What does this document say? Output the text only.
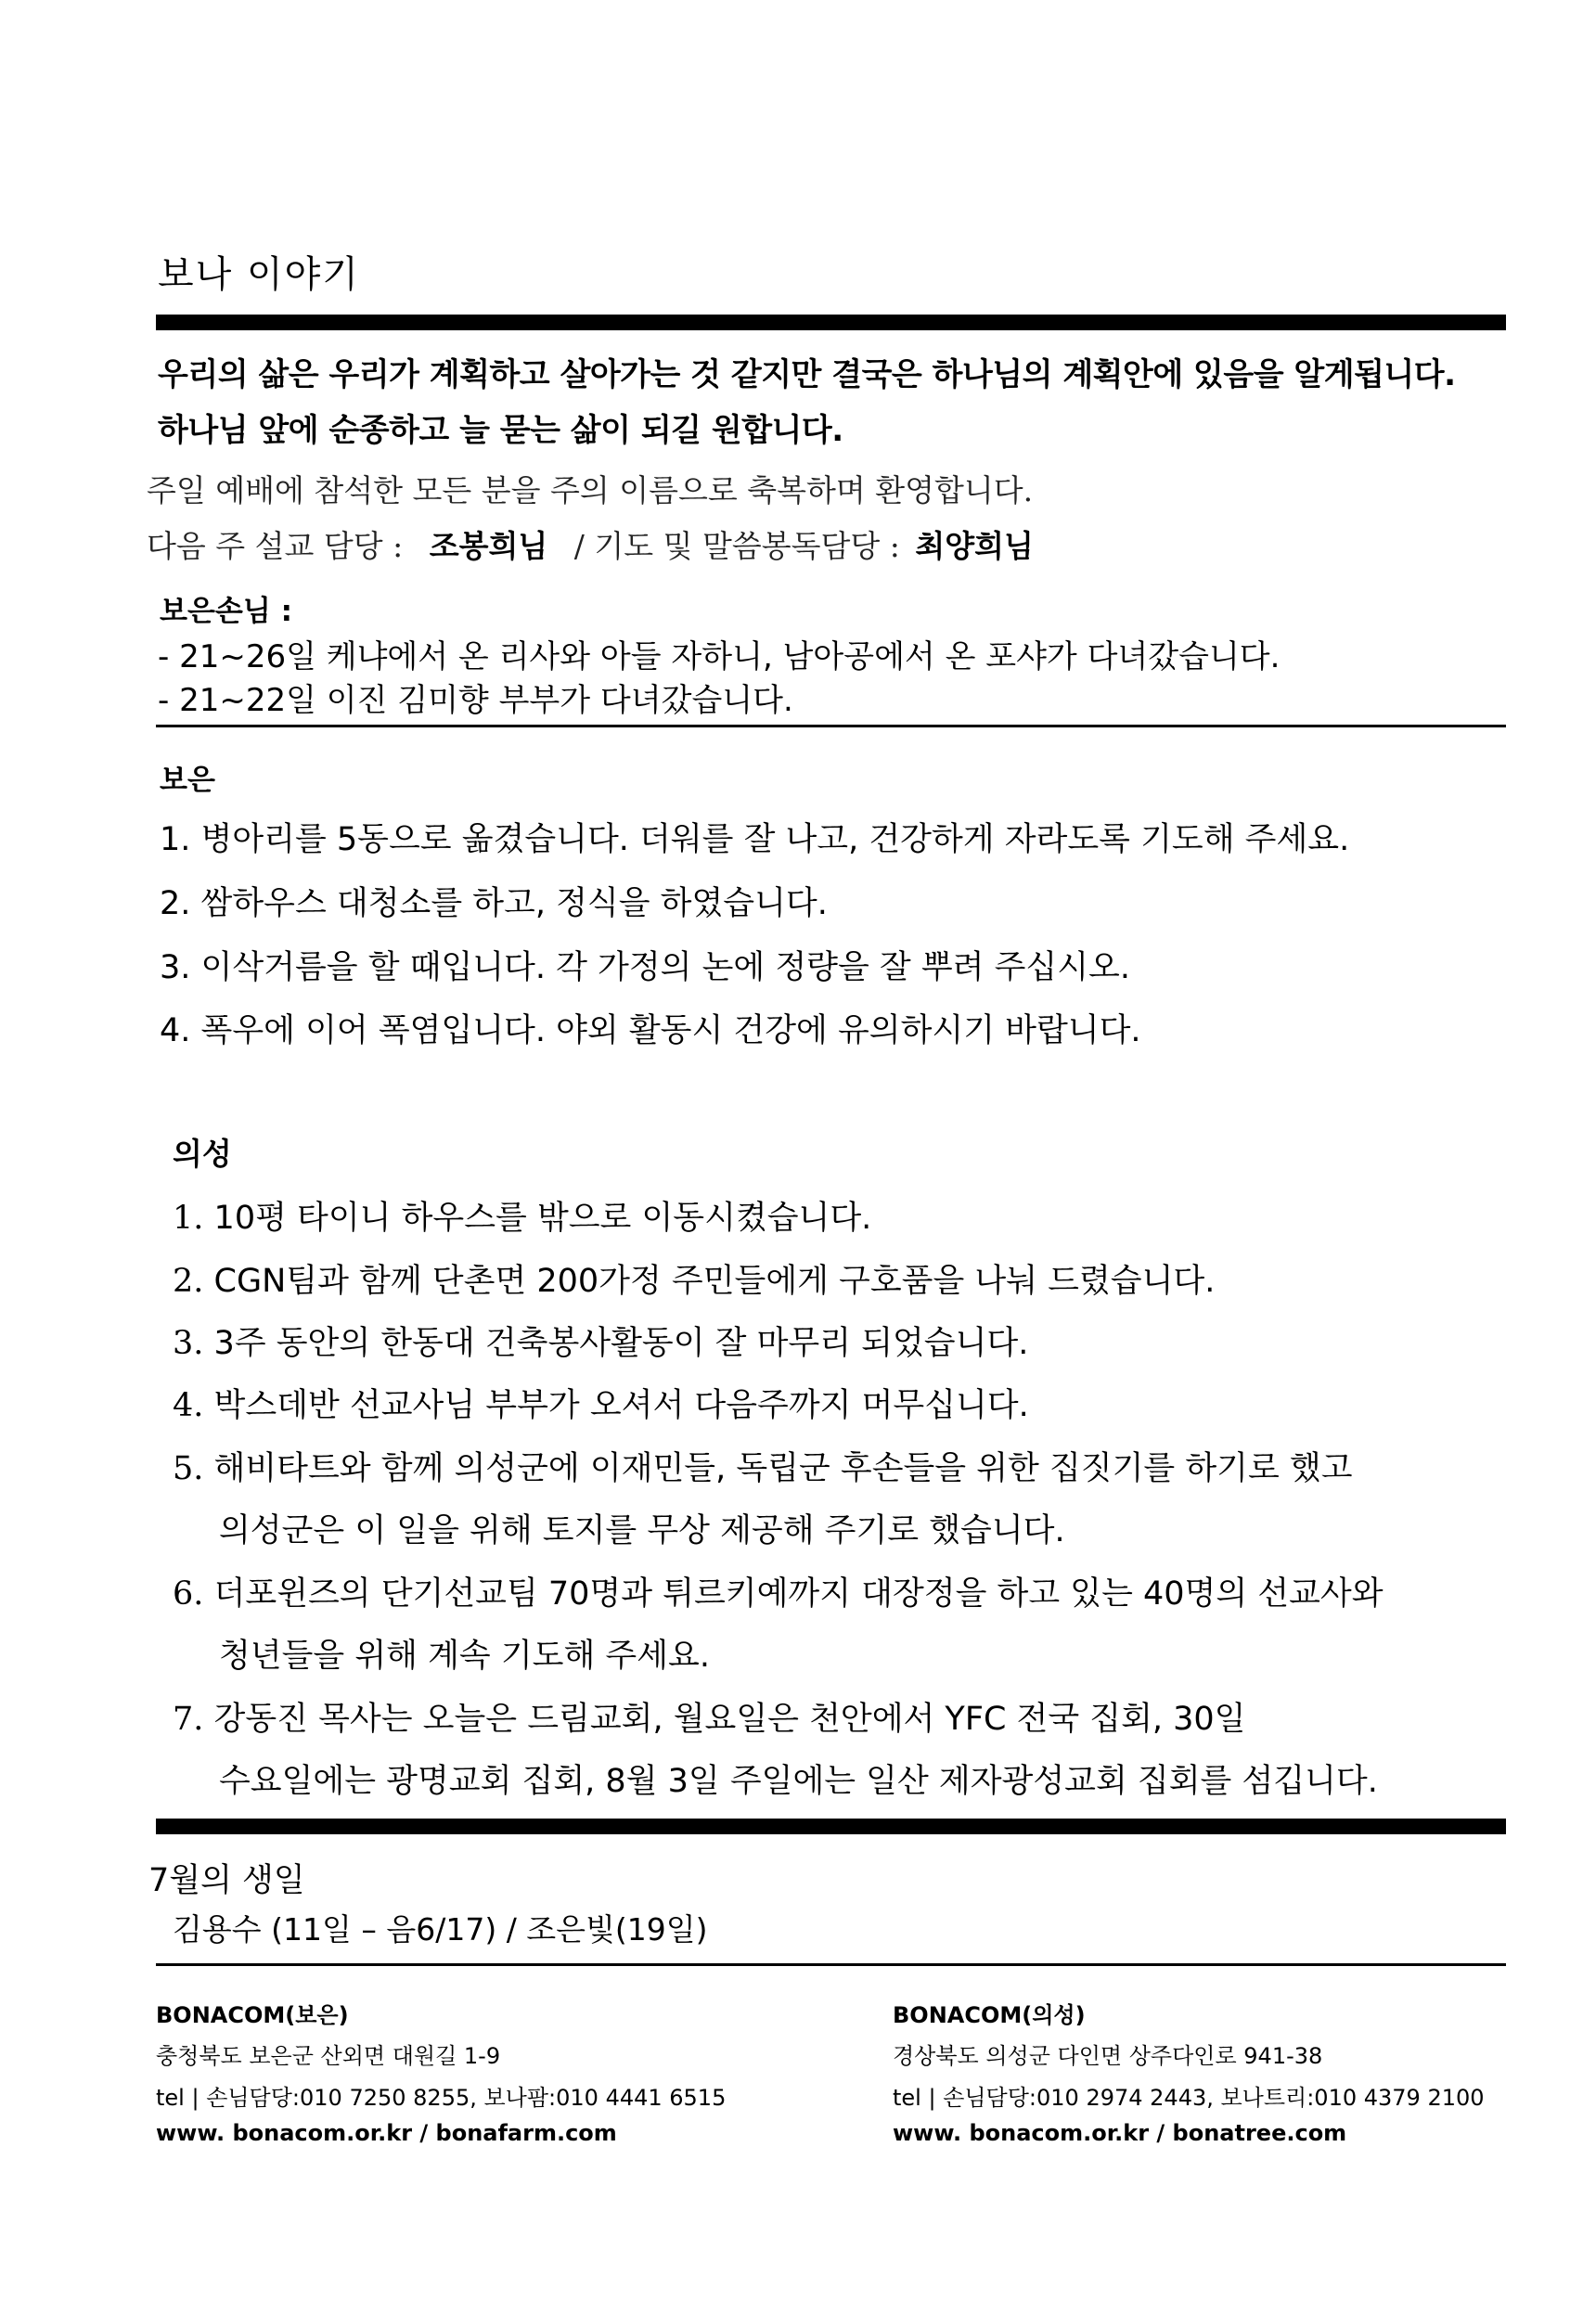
보나 이야기
우리의 삶은 우리가 계획하고 살아가는 것 같지만 결국은 하나님의 계획안에 있음을 알게됩니다.
하나님 앞에 순종하고 늘 묻는 삶이 되길 원합니다.
주일 예배에 참석한 모든 분을 주의 이름으로 축복하며 환영합니다.
다음 주 설교 담당 : 조봉희님 / 기도 및 말씀봉독담당 : 최양희님
보은손님 :
- 21~26일 케냐에서 온 리사와 아들 자하니, 남아공에서 온 포샤가 다녀갔습니다.
- 21~22일 이진 김미향 부부가 다녀갔습니다.
보은
1. 병아리를 5동으로 옮겼습니다. 더워를 잘 나고, 건강하게 자라도록 기도해 주세요.
2. 쌈하우스 대청소를 하고, 정식을 하였습니다.
3. 이삭거름을 할 때입니다. 각 가정의 논에 정량을 잘 뿌려 주십시오.
4. 폭우에 이어 폭염입니다. 야외 활동시 건강에 유의하시기 바랍니다.
의성
1. 10평 타이니 하우스를 밖으로 이동시켰습니다.
2. CGN팀과 함께 단촌면 200가정 주민들에게 구호품을 나눠 드렸습니다.
3. 3주 동안의 한동대 건축봉사활동이 잘 마무리 되었습니다.
4. 박스데반 선교사님 부부가 오셔서 다음주까지 머무십니다.
5. 해비타트와 함께 의성군에 이재민들, 독립군 후손들을 위한 집짓기를 하기로 했고
의성군은 이 일을 위해 토지를 무상 제공해 주기로 했습니다.
6. 더포윈즈의 단기선교팀 70명과 튀르키예까지 대장정을 하고 있는 40명의 선교사와
청년들을 위해 계속 기도해 주세요.
7. 강동진 목사는 오늘은 드림교회, 월요일은 천안에서 YFC 전국 집회, 30일
수요일에는 광명교회 집회, 8월 3일 주일에는 일산 제자광성교회 집회를 섬깁니다.
7월의 생일
김용수 (11일 – 음6/17) / 조은빛(19일)
BONACOM(보은)
충청북도 보은군 산외면 대원길 1-9
tel | 손님담당:010 7250 8255, 보나팜:010 4441 6515
www. bonacom.or.kr / bonafarm.com
BONACOM(의성)
경상북도 의성군 다인면 상주다인로 941-38
tel | 손님담당:010 2974 2443, 보나트리:010 4379 2100
www. bonacom.or.kr / bonatree.com
